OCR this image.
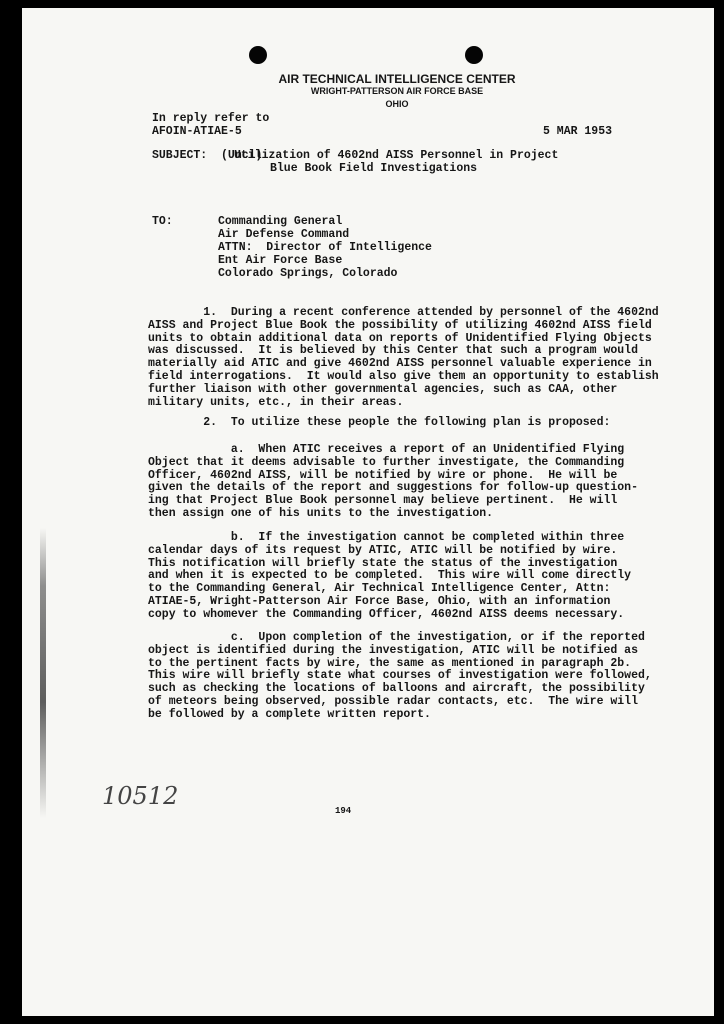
AIR TECHNICAL INTELLIGENCE CENTER
WRIGHT-PATTERSON AIR FORCE BASE
OHIO
In reply refer to
AFOIN-ATIAE-5	5 MAR 1953
SUBJECT:  (Uncl)
Utilization of 4602nd AISS Personnel in Project
Blue Book Field Investigations
TO:	Commanding General
Air Defense Command
ATTN:  Director of Intelligence
Ent Air Force Base
Colorado Springs, Colorado
1.  During a recent conference attended by personnel of the 4602nd
AISS and Project Blue Book the possibility of utilizing 4602nd AISS field
units to obtain additional data on reports of Unidentified Flying Objects
was discussed.  It is believed by this Center that such a program would
materially aid ATIC and give 4602nd AISS personnel valuable experience in
field interrogations.  It would also give them an opportunity to establish
further liaison with other governmental agencies, such as CAA, other
military units, etc., in their areas.
2.  To utilize these people the following plan is proposed:
a.  When ATIC receives a report of an Unidentified Flying
Object that it deems advisable to further investigate, the Commanding
Officer, 4602nd AISS, will be notified by wire or phone.  He will be
given the details of the report and suggestions for follow-up question-
ing that Project Blue Book personnel may believe pertinent.  He will
then assign one of his units to the investigation.
b.  If the investigation cannot be completed within three
calendar days of its request by ATIC, ATIC will be notified by wire.
This notification will briefly state the status of the investigation
and when it is expected to be completed.  This wire will come directly
to the Commanding General, Air Technical Intelligence Center, Attn:
ATIAE-5, Wright-Patterson Air Force Base, Ohio, with an information
copy to whomever the Commanding Officer, 4602nd AISS deems necessary.
c.  Upon completion of the investigation, or if the reported
object is identified during the investigation, ATIC will be notified as
to the pertinent facts by wire, the same as mentioned in paragraph 2b.
This wire will briefly state what courses of investigation were followed,
such as checking the locations of balloons and aircraft, the possibility
of meteors being observed, possible radar contacts, etc.  The wire will
be followed by a complete written report.
10512
194
